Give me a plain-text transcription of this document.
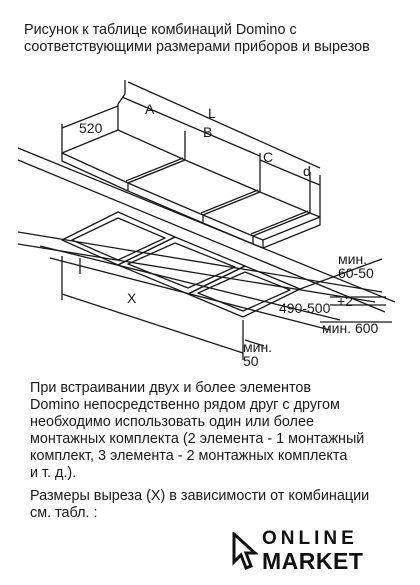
Рисунок к таблице комбинаций Domino с
соответствующими размерами приборов и вырезов
520
A	L
B
C
d
X
мин.
60-50
490-500 +2
мин. 600
мин.
50
При встраивании двух и более элементов
Domino непосредственно рядом друг с другом
необходимо использовать один или более
монтажных комплекта (2 элемента - 1 монтажный
комплект, 3 элемента - 2 монтажных комплекта
и т. д.).
Размеры выреза (X) в зависимости от комбинации
см. табл. :
ONLINE
MARKET
